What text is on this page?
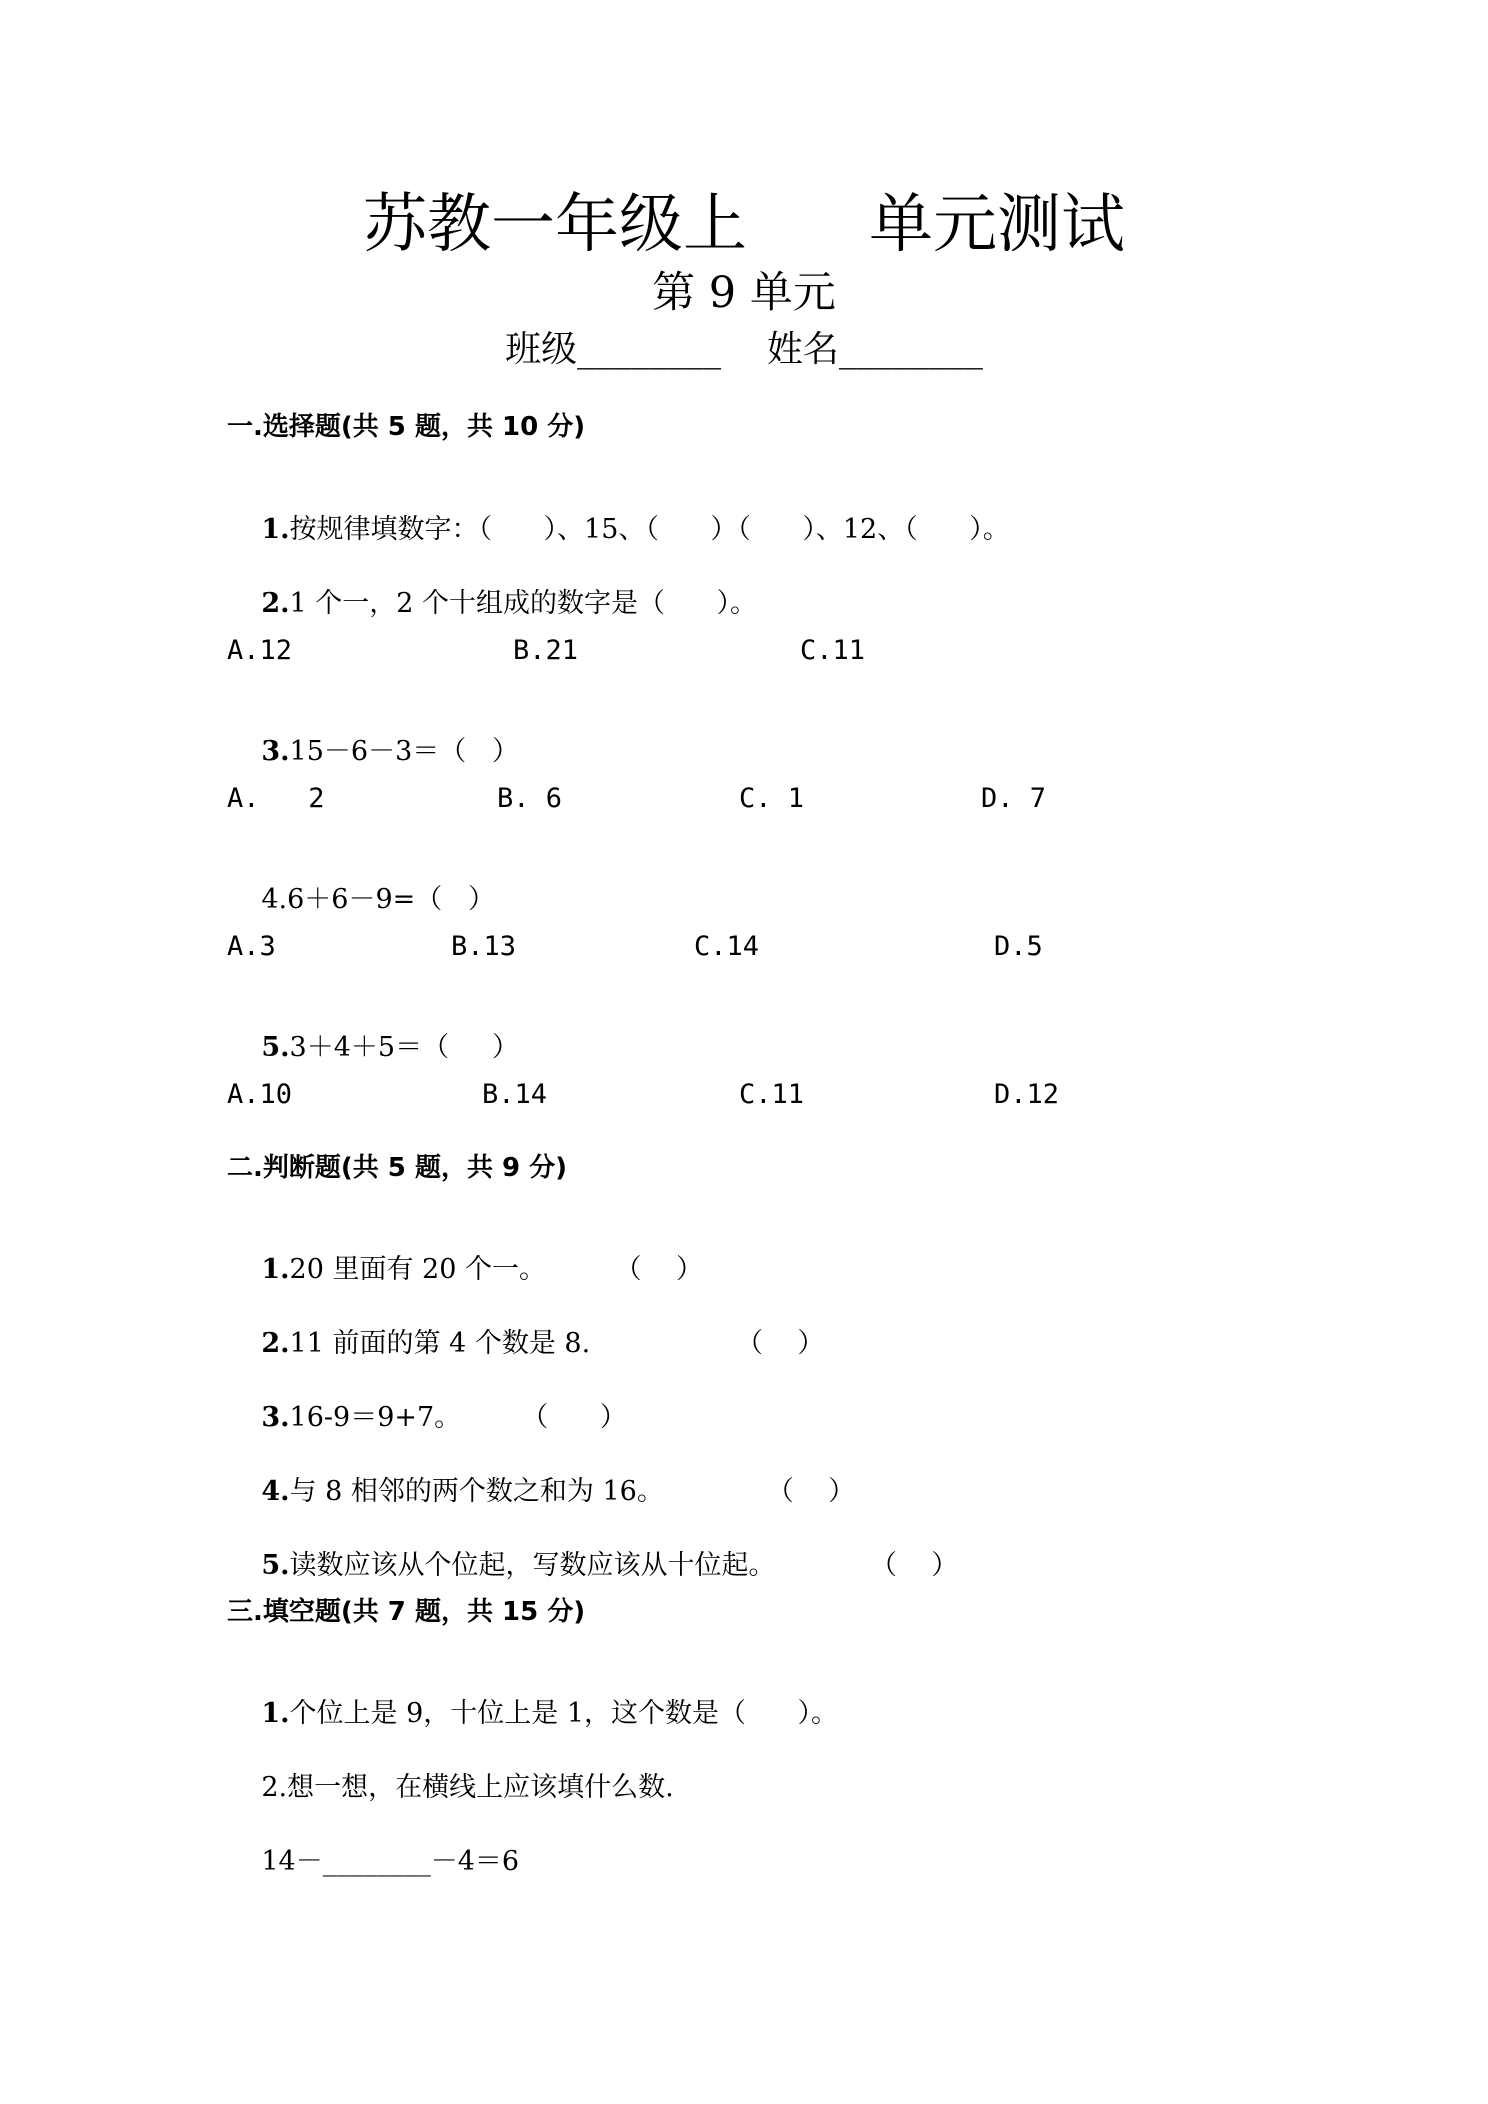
苏教一年级上      单元测试
第 9 单元
班级________    姓名________
一.选择题(共 5 题，共 10 分)

1.按规律填数字：（      ）、15、（      ）（      ）、12、（      ）。

2.1 个一，2 个十组成的数字是（      ）。

A.12	B.21	C.11

3.15－6－3＝（   ）

A.   2	B. 6	C. 1	D. 7

4.6＋6－9=（   ）

A.3	B.13	C.14	D.5

5.3＋4＋5＝（     ）

A.10	B.14	C.11	D.12
二.判断题(共 5 题，共 9 分)

1.20 里面有 20 个一。        （    ）

2.11 前面的第 4 个数是 8.                 （    ）

3.16-9＝9+7。       （      ）

4.与 8 相邻的两个数之和为 16。            （    ）

5.读数应该从个位起，写数应该从十位起。           （    ）

三.填空题(共 7 题，共 15 分)

1.个位上是 9，十位上是 1，这个数是（      ）。

2.想一想，在横线上应该填什么数.

14－________－4＝6
